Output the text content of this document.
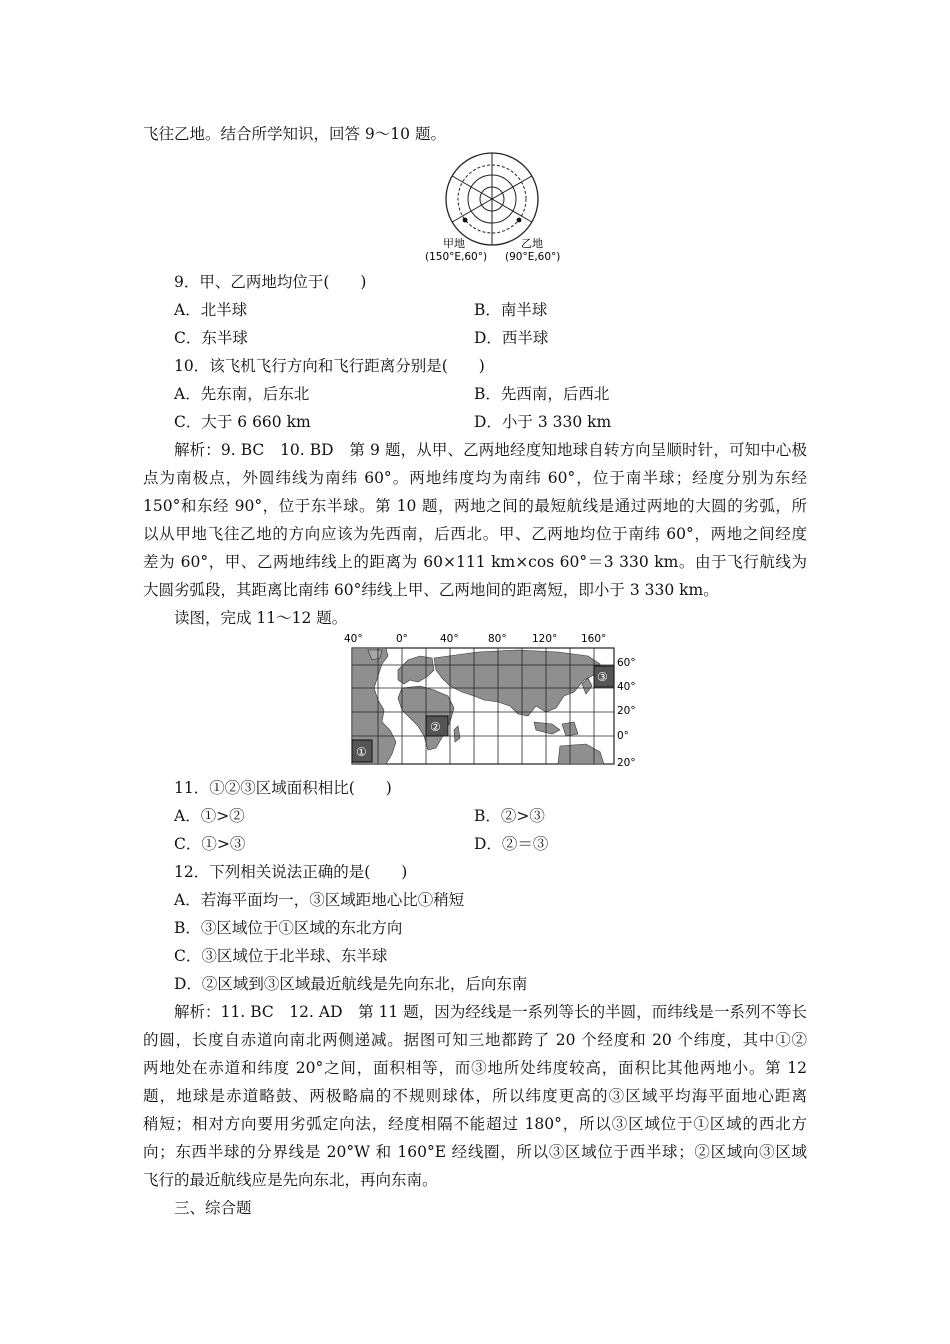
飞往乙地。结合所学知识，回答 9～10 题。
甲地
(150°E,60°)
乙地
(90°E,60°)
9．甲、乙两地均位于(　　)
A．北半球	B．南半球
C．东半球	D．西半球
10．该飞机飞行方向和飞行距离分别是(　　)
A．先东南，后东北	B．先西南，后西北
C．大于 6 660 km	D．小于 3 330 km
解析：9. BC　10. BD　第 9 题，从甲、乙两地经度知地球自转方向呈顺时针，可知中心极
点为南极点，外圆纬线为南纬 60°。两地纬度均为南纬 60°，位于南半球；经度分别为东经
150°和东经 90°，位于东半球。第 10 题，两地之间的最短航线是通过两地的大圆的劣弧，所
以从甲地飞往乙地的方向应该为先西南，后西北。甲、乙两地均位于南纬 60°，两地之间经度
差为 60°，甲、乙两地纬线上的距离为 60×111 km×cos 60°＝3 330 km。由于飞行航线为
大圆劣弧段，其距离比南纬 60°纬线上甲、乙两地间的距离短，即小于 3 330 km。
读图，完成 11～12 题。
40°	0°	40°	80° 120° 160°
①
②
③
60°
40°
20°
0°
20°
11．①②③区域面积相比(　　)
A．①>②	B．②>③
C．①>③	D．②＝③
12．下列相关说法正确的是(　　)
A．若海平面均一，③区域距地心比①稍短
B．③区域位于①区域的东北方向
C．③区域位于北半球、东半球
D．②区域到③区域最近航线是先向东北，后向东南
解析：11. BC　12. AD　第 11 题，因为经线是一系列等长的半圆，而纬线是一系列不等长
的圆，长度自赤道向南北两侧递减。据图可知三地都跨了 20 个经度和 20 个纬度，其中①②
两地处在赤道和纬度 20°之间，面积相等，而③地所处纬度较高，面积比其他两地小。第 12
题，地球是赤道略鼓、两极略扁的不规则球体，所以纬度更高的③区域平均海平面地心距离
稍短；相对方向要用劣弧定向法，经度相隔不能超过 180°，所以③区域位于①区域的西北方
向；东西半球的分界线是 20°W 和 160°E 经线圈，所以③区域位于西半球；②区域向③区域
飞行的最近航线应是先向东北，再向东南。
三、综合题
